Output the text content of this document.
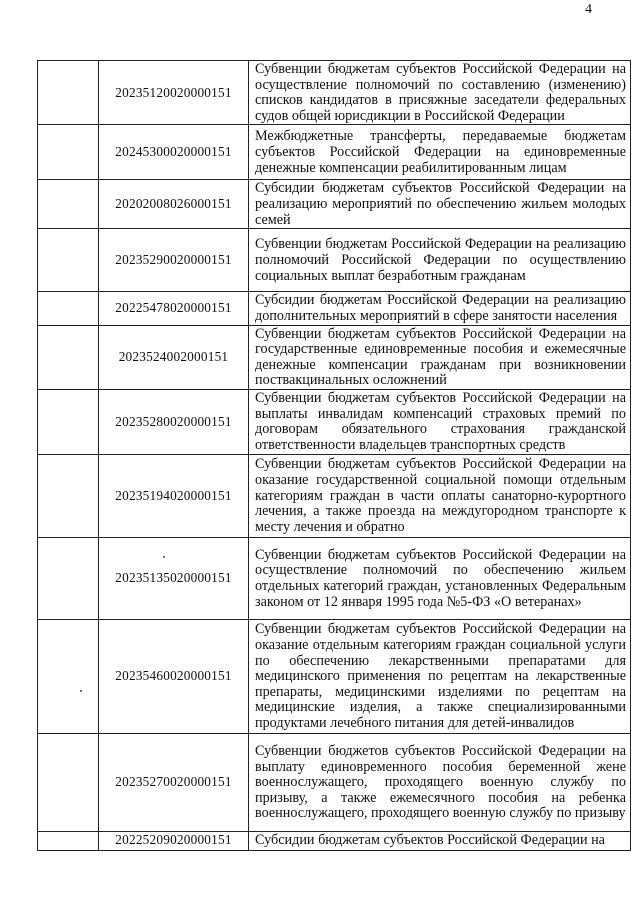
4
	20235120020000151	Субвенции бюджетам субъектов Российской Федерации на осуществление полномочий по составлению (изменению) списков кандидатов в присяжные заседатели федеральных судов общей юрисдикции в Российской Федерации
	20245300020000151	Межбюджетные трансферты, передаваемые бюджетам субъектов Российской Федерации на единовременные денежные компенсации реабилитированным лицам
	20202008026000151	Субсидии бюджетам субъектов Российской Федерации на реализацию мероприятий по обеспечению жильем молодых семей
	20235290020000151	Субвенции бюджетам Российской Федерации на реализацию полномочий Российской Федерации по осуществлению социальных выплат безработным гражданам
	20225478020000151	Субсидии бюджетам Российской Федерации на реализацию дополнительных мероприятий в сфере занятости населения
	2023524002000151	Субвенции бюджетам субъектов Российской Федерации на государственные единовременные пособия и ежемесячные денежные компенсации гражданам при возникновении поствакцинальных осложнений
	20235280020000151	Субвенции бюджетам субъектов Российской Федерации на выплаты инвалидам компенсаций страховых премий по договорам обязательного страхования гражданской ответственности владельцев транспортных средств
	20235194020000151	Субвенции бюджетам субъектов Российской Федерации на оказание государственной социальной помощи отдельным категориям граждан в части оплаты санаторно-курортного лечения, а также проезда на междугородном транспорте к месту лечения и обратно
	20235135020000151	Субвенции бюджетам субъектов Российской Федерации на осуществление полномочий по обеспечению жильем отдельных категорий граждан, установленных Федеральным законом от 12 января 1995 года №5-ФЗ «О ветеранах»
	20235460020000151	Субвенции бюджетам субъектов Российской Федерации на оказание отдельным категориям граждан социальной услуги по обеспечению лекарственными препаратами для медицинского применения по рецептам на лекарственные препараты, медицинскими изделиями по рецептам на медицинские изделия, а также специализированными продуктами лечебного питания для детей-инвалидов
	20235270020000151	Субвенции бюджетов субъектов Российской Федерации на выплату единовременного пособия беременной жене военнослужащего, проходящего военную службу по призыву, а также ежемесячного пособия на ребенка военнослужащего, проходящего военную службу по призыву
	20225209020000151	Субсидии бюджетам субъектов Российской Федерации на
